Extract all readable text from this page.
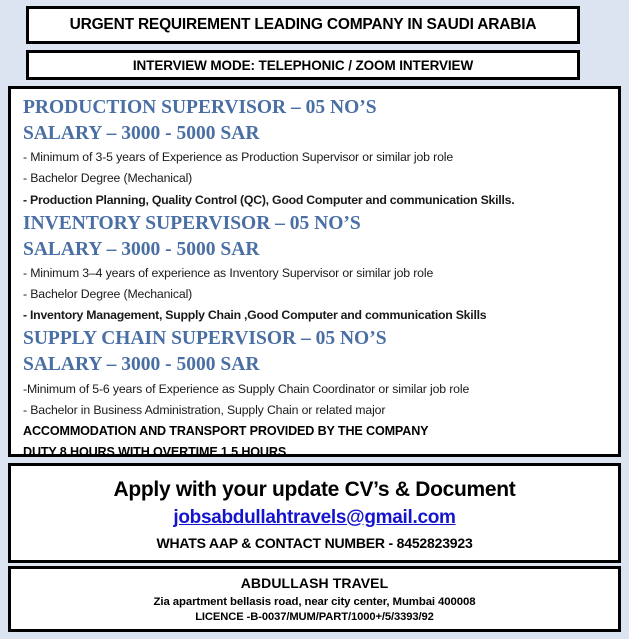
URGENT REQUIREMENT LEADING COMPANY IN SAUDI ARABIA
INTERVIEW MODE: TELEPHONIC / ZOOM INTERVIEW
PRODUCTION SUPERVISOR – 05 NO’S
SALARY – 3000 - 5000 SAR
- Minimum of 3-5 years of Experience as Production Supervisor or similar job role
- Bachelor Degree (Mechanical)
- Production Planning, Quality Control (QC), Good Computer and communication Skills.
INVENTORY SUPERVISOR – 05 NO’S
SALARY – 3000 - 5000 SAR
- Minimum 3–4 years of experience as Inventory Supervisor or similar job role
- Bachelor Degree (Mechanical)
- Inventory Management, Supply Chain ,Good Computer and communication Skills
SUPPLY CHAIN SUPERVISOR – 05 NO’S
SALARY – 3000 - 5000 SAR
-Minimum of 5-6 years of Experience as Supply Chain Coordinator or similar job role
- Bachelor in Business Administration, Supply Chain or related major
ACCOMMODATION AND TRANSPORT PROVIDED BY THE COMPANY
DUTY 8 HOURS WITH OVERTIME 1.5 HOURS
Apply with your update CV’s & Document
jobsabdullahtravels@gmail.com
WHATS AAP & CONTACT NUMBER - 8452823923
ABDULLASH TRAVEL
Zia apartment bellasis road, near city center, Mumbai 400008
LICENCE -B-0037/MUM/PART/1000+/5/3393/92
